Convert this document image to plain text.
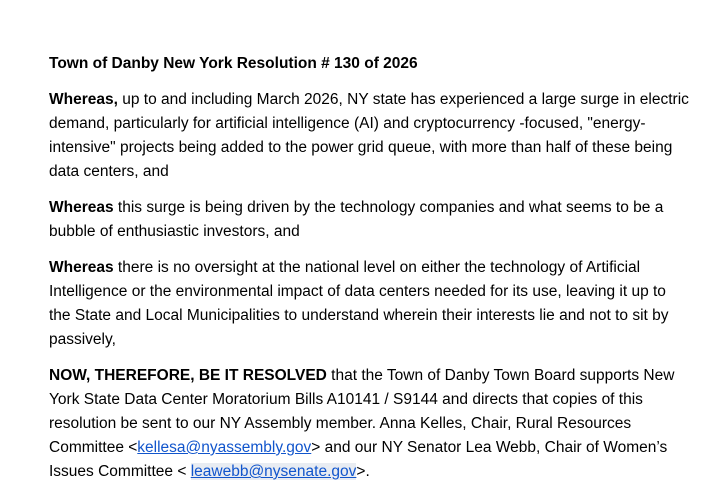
Town of Danby New York Resolution # 130 of 2026

Whereas, up to and including March 2026, NY state has experienced a large surge in electric demand, particularly for artificial intelligence (AI) and cryptocurrency -focused, "energy-intensive" projects being added to the power grid queue, with more than half of these being data centers, and

Whereas this surge is being driven by the technology companies and what seems to be a bubble of enthusiastic investors, and

Whereas there is no oversight at the national level on either the technology of Artificial Intelligence or the environmental impact of data centers needed for its use, leaving it up to the State and Local Municipalities to understand wherein their interests lie and not to sit by passively,

NOW, THEREFORE, BE IT RESOLVED that the Town of Danby Town Board supports New York State Data Center Moratorium Bills A10141 / S9144 and directs that copies of this resolution be sent to our NY Assembly member. Anna Kelles, Chair, Rural Resources Committee <kellesa@nyassembly.gov> and our NY Senator Lea Webb, Chair of Women’s Issues Committee < leawebb@nysenate.gov>.
